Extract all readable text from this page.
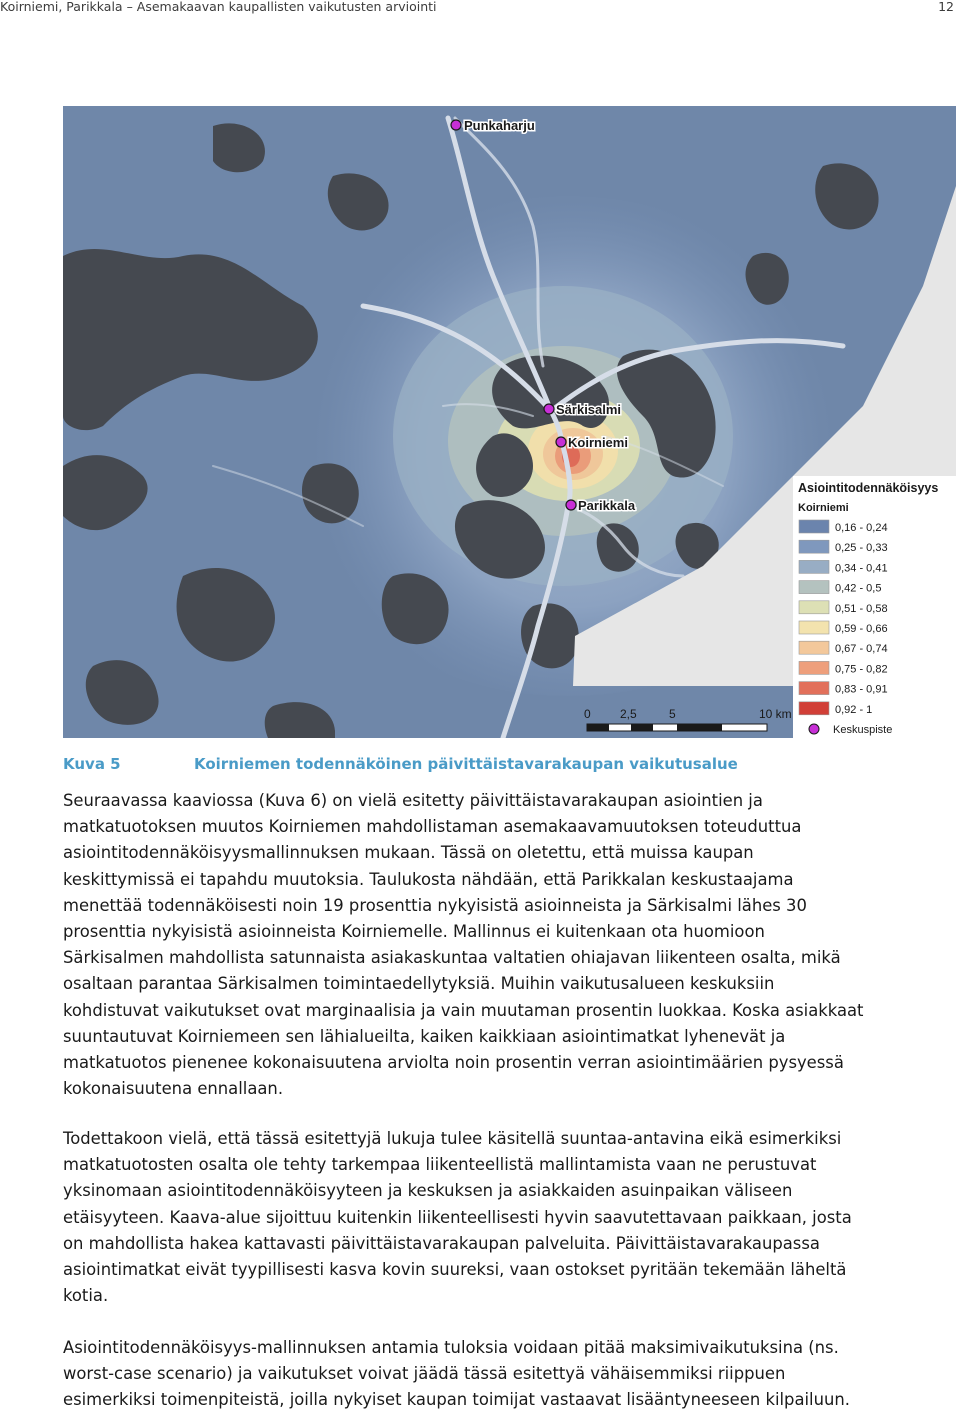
Koirniemi, Parikkala – Asemakaavan kaupallisten vaikutusten arviointi	12
Punkaharju
Särkisalmi
Koirniemi
Parikkala
0 2,5	5	10 km
Asiointitodennäköisyys
Koirniemi
0,16 - 0,24
0,25 - 0,33
0,34 - 0,41
0,42 - 0,5
0,51 - 0,58
0,59 - 0,66
0,67 - 0,74
0,75 - 0,82
0,83 - 0,91
0,92 - 1
Keskuspiste
Kuva 5	Koirniemen todennäköinen päivittäistavarakaupan vaikutusalue
Seuraavassa kaaviossa (Kuva 6) on vielä esitetty päivittäistavarakaupan asiointien ja
matkatuotoksen muutos Koirniemen mahdollistaman asemakaavamuutoksen toteuduttua
asiointitodennäköisyysmallinnuksen mukaan. Tässä on oletettu, että muissa kaupan
keskittymissä ei tapahdu muutoksia. Taulukosta nähdään, että Parikkalan keskustaajama
menettää todennäköisesti noin 19 prosenttia nykyisistä asioinneista ja Särkisalmi lähes 30
prosenttia nykyisistä asioinneista Koirniemelle. Mallinnus ei kuitenkaan ota huomioon
Särkisalmen mahdollista satunnaista asiakaskuntaa valtatien ohiajavan liikenteen osalta, mikä
osaltaan parantaa Särkisalmen toimintaedellytyksiä. Muihin vaikutusalueen keskuksiin
kohdistuvat vaikutukset ovat marginaalisia ja vain muutaman prosentin luokkaa. Koska asiakkaat
suuntautuvat Koirniemeen sen lähialueilta, kaiken kaikkiaan asiointimatkat lyhenevät ja
matkatuotos pienenee kokonaisuutena arviolta noin prosentin verran asiointimäärien pysyessä
kokonaisuutena ennallaan.
Todettakoon vielä, että tässä esitettyjä lukuja tulee käsitellä suuntaa-antavina eikä esimerkiksi
matkatuotosten osalta ole tehty tarkempaa liikenteellistä mallintamista vaan ne perustuvat
yksinomaan asiointitodennäköisyyteen ja keskuksen ja asiakkaiden asuinpaikan väliseen
etäisyyteen. Kaava-alue sijoittuu kuitenkin liikenteellisesti hyvin saavutettavaan paikkaan, josta
on mahdollista hakea kattavasti päivittäistavarakaupan palveluita. Päivittäistavarakaupassa
asiointimatkat eivät tyypillisesti kasva kovin suureksi, vaan ostokset pyritään tekemään läheltä
kotia.
Asiointitodennäköisyys-mallinnuksen antamia tuloksia voidaan pitää maksimivaikutuksina (ns.
worst-case scenario) ja vaikutukset voivat jäädä tässä esitettyä vähäisemmiksi riippuen
esimerkiksi toimenpiteistä, joilla nykyiset kaupan toimijat vastaavat lisääntyneeseen kilpailuun.
